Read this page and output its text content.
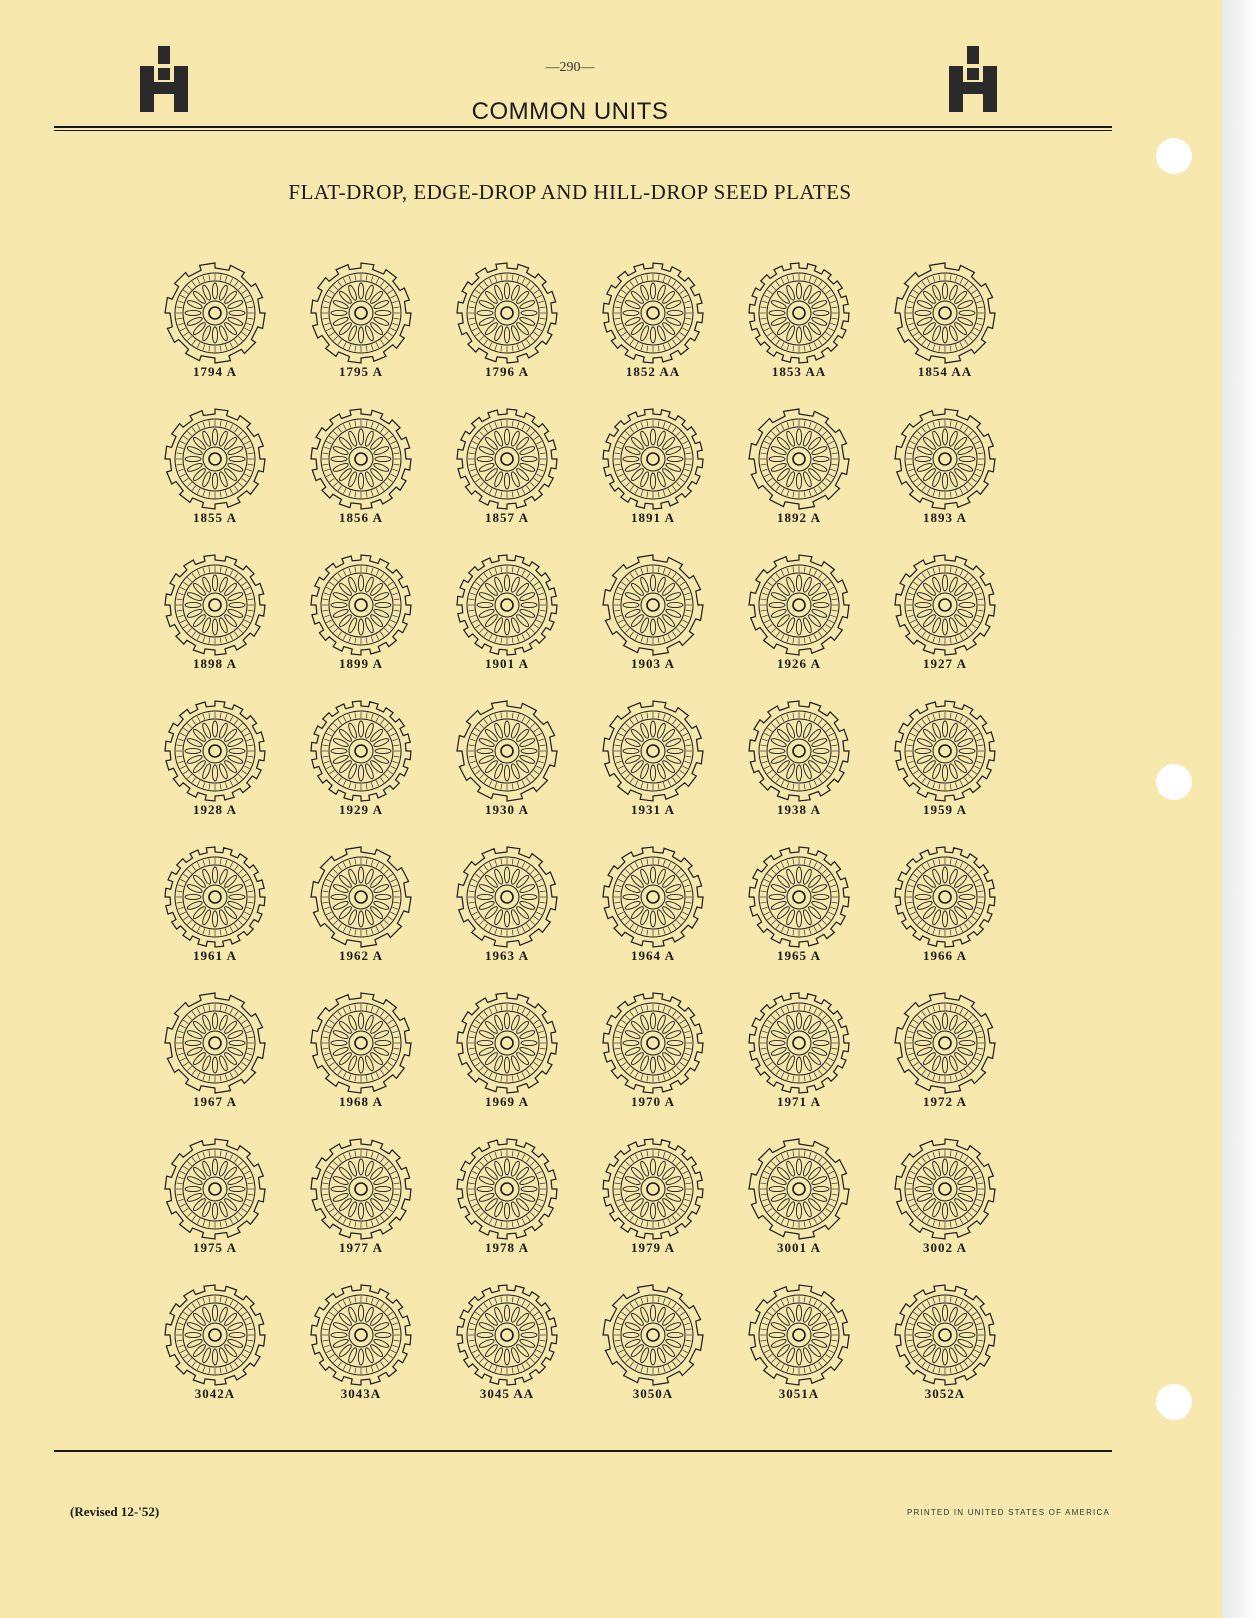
—290—
COMMON UNITS
FLAT-DROP, EDGE-DROP AND HILL-DROP SEED PLATES
1794 A	1795 A	1796 A	1852 AA	1853 AA	1854 AA
1855 A	1856 A	1857 A	1891 A	1892 A	1893 A
1898 A	1899 A	1901 A	1903 A	1926 A	1927 A
1928 A	1929 A	1930 A	1931 A	1938 A	1959 A
1961 A	1962 A	1963 A	1964 A	1965 A	1966 A
1967 A	1968 A	1969 A	1970 A	1971 A	1972 A
1975 A	1977 A	1978 A	1979 A	3001 A	3002 A
3042A	3043A	3045 AA	3050A	3051A	3052A
(Revised 12-'52)	PRINTED IN UNITED STATES OF AMERICA
